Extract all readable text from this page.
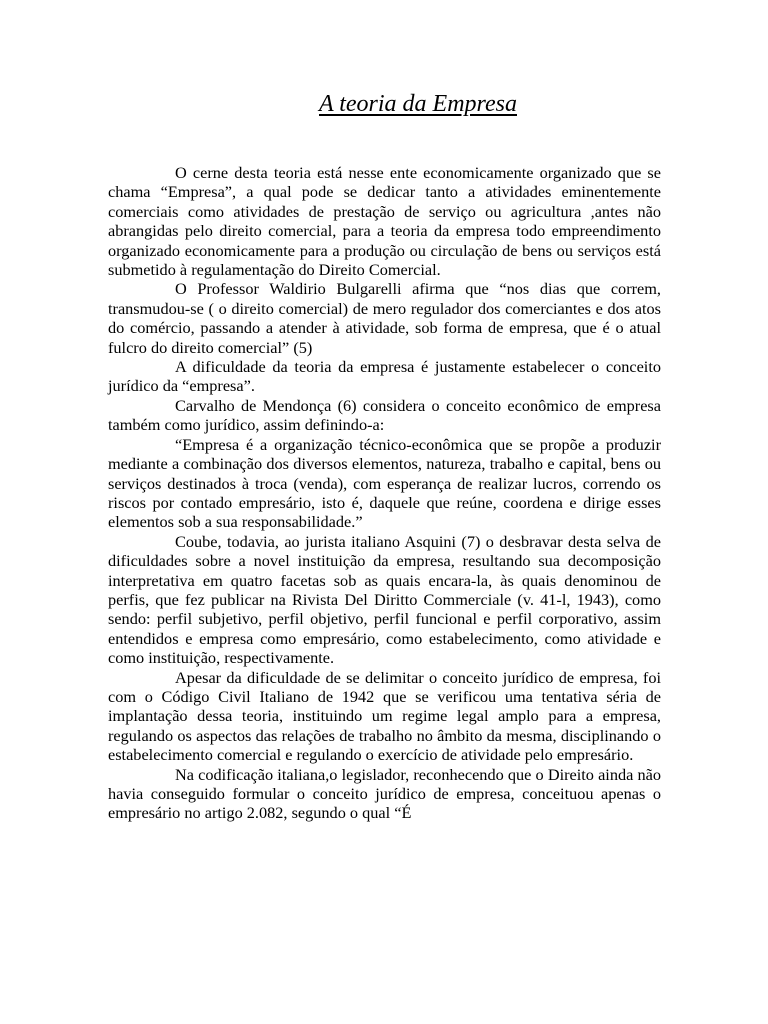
A teoria da Empresa

O cerne desta teoria está nesse ente economicamente organizado que se chama “Empresa”, a qual pode se dedicar tanto a atividades eminentemente comerciais como atividades de prestação de serviço ou agricultura ,antes não abrangidas pelo direito comercial, para a teoria da empresa todo empreendimento organizado economicamente para a produção ou circulação de bens ou serviços está submetido à regulamentação do Direito Comercial.

O Professor Waldirio Bulgarelli afirma que “nos dias que correm, transmudou-se ( o direito comercial) de mero regulador dos comerciantes e dos atos do comércio, passando a atender à atividade, sob forma de empresa, que é o atual fulcro do direito comercial” (5)

A dificuldade da teoria da empresa é justamente estabelecer o conceito jurídico da “empresa”.

Carvalho de Mendonça (6) considera o conceito econômico de empresa também como jurídico, assim definindo-a:

“Empresa é a organização técnico-econômica que se propõe a produzir mediante a combinação dos diversos elementos, natureza, trabalho e capital, bens ou serviços destinados à troca (venda), com esperança de realizar lucros, correndo os riscos por contado empresário, isto é, daquele que reúne, coordena e dirige esses elementos sob a sua responsabilidade.”

Coube, todavia, ao jurista italiano Asquini (7) o desbravar desta selva de dificuldades sobre a novel instituição da empresa, resultando sua decomposição interpretativa em quatro facetas sob as quais encara-la, às quais denominou de perfis, que fez publicar na Rivista Del Diritto Commerciale (v. 41-l, 1943), como sendo: perfil subjetivo, perfil objetivo, perfil funcional e perfil corporativo, assim entendidos e empresa como empresário, como estabelecimento, como atividade e como instituição, respectivamente.

Apesar da dificuldade de se delimitar o conceito jurídico de empresa, foi com o Código Civil Italiano de 1942 que se verificou uma tentativa séria de implantação dessa teoria, instituindo um regime legal amplo para a empresa, regulando os aspectos das relações de trabalho no âmbito da mesma, disciplinando o estabelecimento comercial e regulando o exercício de atividade pelo empresário.

Na codificação italiana,o legislador, reconhecendo que o Direito ainda não havia conseguido formular o conceito jurídico de empresa, conceituou apenas o empresário no artigo 2.082, segundo o qual “É
